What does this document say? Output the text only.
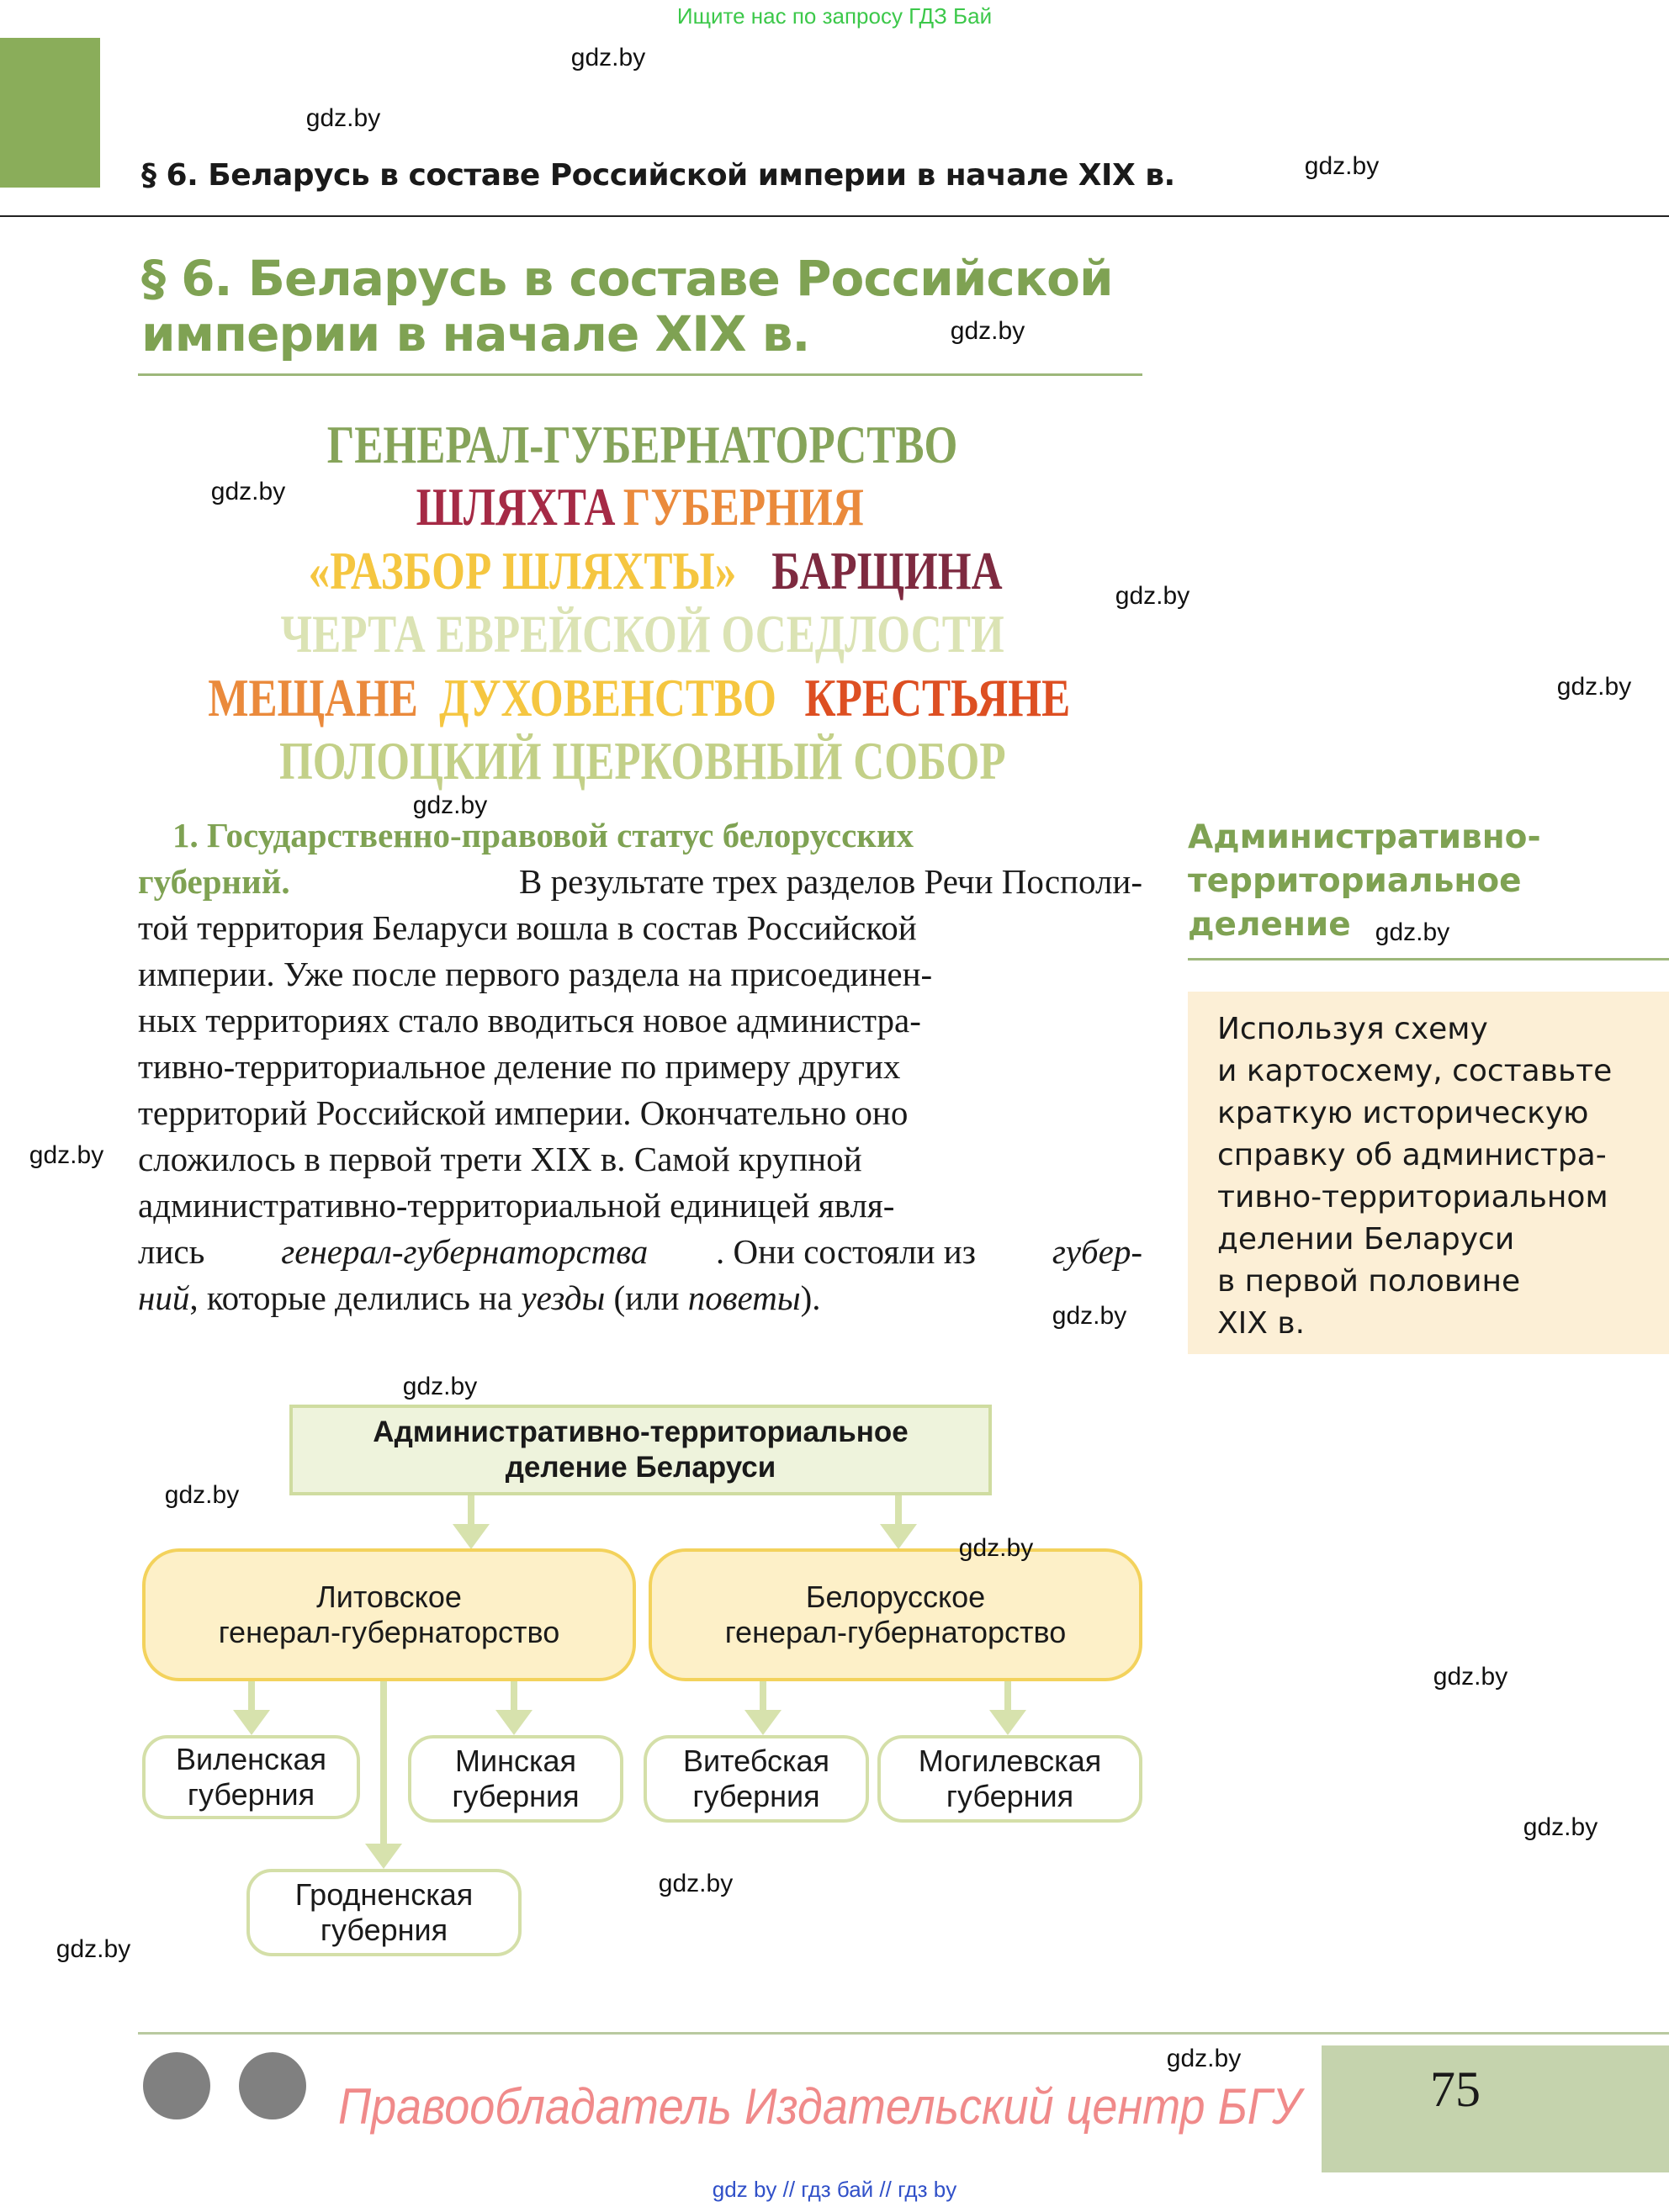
Ищите нас по запросу ГДЗ Бай
§ 6. Беларусь в составе Российской империи в начале XIX в.
§ 6. Беларусь в составе Российской
империи в начале XIX в.
ГЕНЕРАЛ-ГУБЕРНАТОРСТВО
ШЛЯХТА ГУБЕРНИЯ
«РАЗБОР ШЛЯХТЫ» БАРЩИНА
ЧЕРТА ЕВРЕЙСКОЙ ОСЕДЛОСТИ
МЕЩАНЕ ДУХОВЕНСТВО КРЕСТЬЯНЕ
ПОЛОЦКИЙ ЦЕРКОВНЫЙ СОБОР
1. Государственно-правовой статус белорусских
губерний.	В результате трех разделов Речи Посполи-
той территория Беларуси вошла в состав Российской
империи. Уже после первого раздела на присоединен-
ных территориях стало вводиться новое администра-
тивно-территориальное деление по примеру других
территорий Российской империи. Окончательно оно
сложилось в первой трети XIX в. Самой крупной
административно-территориальной единицей явля-
лись генерал-губернаторства . Они состояли из губер-
ний , которые делились на уезды (или поветы ).
Административно-
территориальное
деление
Используя схему
и картосхему, составьте
краткую историческую
справку об администра-
тивно-территориальном
делении Беларуси
в первой половине
XIX в.
Административно-территориальное
деление Беларуси
Литовское
генерал-губернаторство
Белорусское
генерал-губернаторство
Виленская
губерния
Минская
губерния
Витебская
губерния
Могилевская
губерния
Гродненская
губерния
Правообладатель Издательский центр БГУ	75
gdz by // гдз бай // гдз by
gdz.by
gdz.by
gdz.by
gdz.by
gdz.by
gdz.by
gdz.by
gdz.by
gdz.by
gdz.by
gdz.by
gdz.by
gdz.by
gdz.by
gdz.by
gdz.by
gdz.by
gdz.by
gdz.by
